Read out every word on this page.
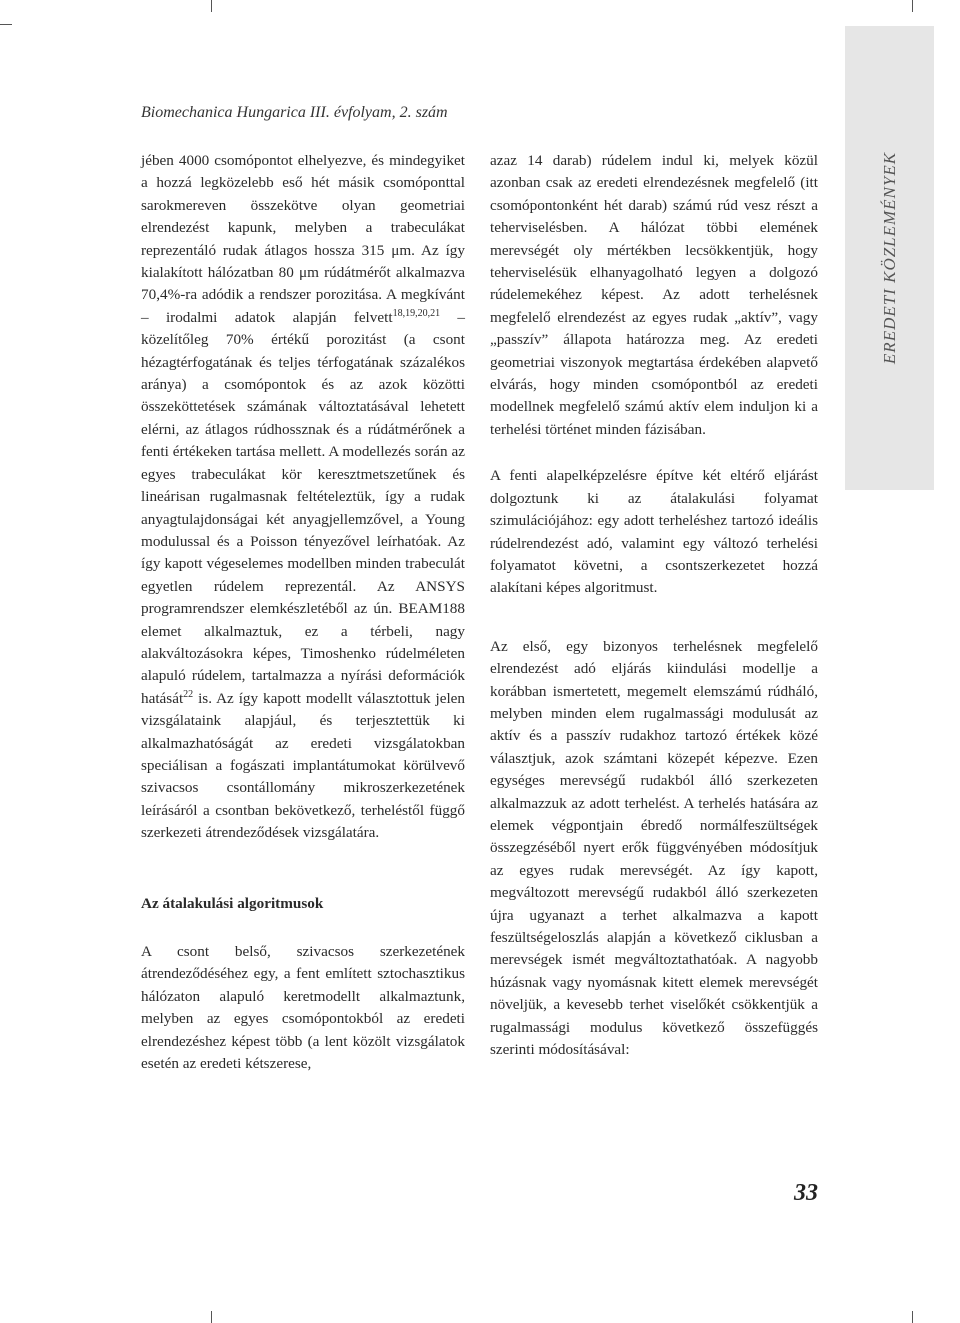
Biomechanica Hungarica III. évfolyam, 2. szám

jében 4000 csomópontot elhelyezve, és mindegyiket a hozzá legközelebb eső hét másik csomóponttal sarokmereven összekötve olyan geometriai elrendezést kapunk, melyben a trabeculákat reprezentáló rudak átlagos hossza 315 μm. Az így kialakított hálózatban 80 μm rúdátmérőt alkalmazva 70,4%-ra adódik a rendszer porozitása. A megkívánt – irodalmi adatok alapján felvett$^{18,19,20,21}$ – közelítőleg 70% értékű porozitást (a csont hézagtérfogatának és teljes térfogatának százalékos aránya) a csomópontok és az azok közötti összeköttetések számának változtatásával lehetett elérni, az átlagos rúdhossznak és a rúdátmérőnek a fenti értékeken tartása mellett. A modellezés során az egyes trabeculákat kör keresztmetszetűnek és lineárisan rugalmasnak feltételeztük, így a rudak anyagtulajdonságai két anyagjellemzővel, a Young modulussal és a Poisson tényezővel leírhatóak. Az így kapott végeselemes modellben minden trabeculát egyetlen rúdelem reprezentál. Az ANSYS programrendszer elemkészletéből az ún. BEAM188 elemet alkalmaztuk, ez a térbeli, nagy alakváltozásokra képes, Timoshenko rúdelméleten alapuló rúdelem, tartalmazza a nyírási deformációk hatását$^{22}$ is. Az így kapott modellt választottuk jelen vizsgálataink alapjául, és terjesztettük ki alkalmazhatóságát az eredeti vizsgálatokban speciálisan a fogászati implantátumokat körülvevő szivacsos csontállomány mikroszerkezetének leírásáról a csontban bekövetkező, terheléstől függő szerkezeti átrendeződések vizsgálatára.

Az átalakulási algoritmusok

A csont belső, szivacsos szerkezetének átrendeződéséhez egy, a fent említett sztochasztikus hálózaton alapuló keretmodellt alkalmaztunk, melyben az egyes csomópontokból az eredeti elrendezéshez képest több (a lent közölt vizsgálatok esetén az eredeti kétszerese,

azaz 14 darab) rúdelem indul ki, melyek közül azonban csak az eredeti elrendezésnek megfelelő (itt csomópontonként hét darab) számú rúd vesz részt a teherviselésben. A hálózat többi elemének merevségét oly mértékben lecsökkentjük, hogy teherviselésük elhanyagolható legyen a dolgozó rúdelemekéhez képest. Az adott terhelésnek megfelelő elrendezést az egyes rudak „aktív”, vagy „passzív” állapota határozza meg. Az eredeti geometriai viszonyok megtartása érdekében alapvető elvárás, hogy minden csomópontból az eredeti modellnek megfelelő számú aktív elem induljon ki a terhelési történet minden fázisában.

A fenti alapelképzelésre építve két eltérő eljárást dolgoztunk ki az átalakulási folyamat szimulációjához: egy adott terheléshez tartozó ideális rúdelrendezést adó, valamint egy változó terhelési folyamatot követni, a csontszerkezetet hozzá alakítani képes algoritmust.

Az első, egy bizonyos terhelésnek megfelelő elrendezést adó eljárás kiindulási modellje a korábban ismertetett, megemelt elemszámú rúdháló, melyben minden elem rugalmassági modulusát az aktív és a passzív rudakhoz tartozó értékek közé választjuk, azok számtani közepét képezve. Ezen egységes merevségű rudakból álló szerkezeten alkalmazzuk az adott terhelést. A terhelés hatására az elemek végpontjain ébredő normálfeszültségek összegzéséből nyert erők függvényében módosítjuk az egyes rudak merevségét. Az így kapott, megváltozott merevségű rudakból álló szerkezeten újra ugyanazt a terhet alkalmazva a kapott feszültségeloszlás alapján a következő ciklusban a merevségek ismét megváltoztathatóak. A nagyobb húzásnak vagy nyomásnak kitett elemek merevségét növeljük, a kevesebb terhet viselőkét csökkentjük a rugalmassági modulus következő összefüggés szerinti módosításával:

EREDETI KÖZLEMÉNYEK
33
